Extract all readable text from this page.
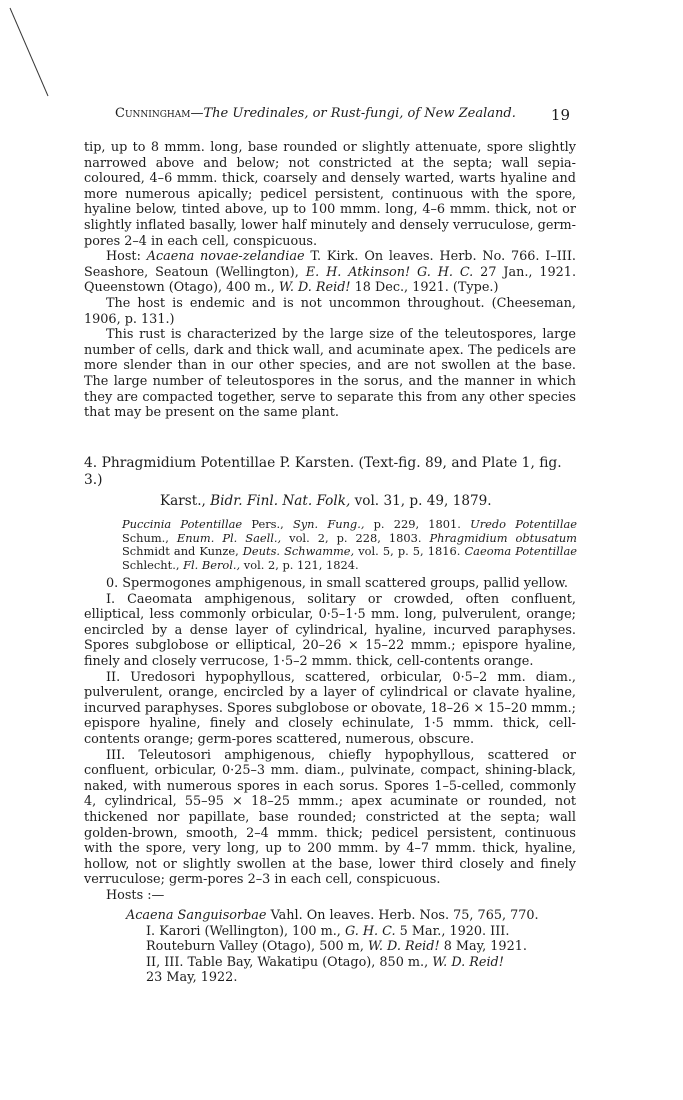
Cunningham—The Uredinales, or Rust-fungi, of New Zealand. 19

tip, up to 8 mmm. long, base rounded or slightly attenuate, spore slightly narrowed above and below; not constricted at the septa; wall sepia-coloured, 4–6 mmm. thick, coarsely and densely warted, warts hyaline and more numerous apically; pedicel persistent, continuous with the spore, hyaline below, tinted above, up to 100 mmm. long, 4–6 mmm. thick, not or slightly inflated basally, lower half minutely and densely verruculose, germ-pores 2–4 in each cell, conspicuous.

Host: Acaena novae-zelandiae T. Kirk. On leaves. Herb. No. 766. I–III. Seashore, Seatoun (Wellington), E. H. Atkinson! G. H. C. 27 Jan., 1921. Queenstown (Otago), 400 m., W. D. Reid! 18 Dec., 1921. (Type.)

The host is endemic and is not uncommon throughout. (Cheeseman, 1906, p. 131.)

This rust is characterized by the large size of the teleutospores, large number of cells, dark and thick wall, and acuminate apex. The pedicels are more slender than in our other species, and are not swollen at the base. The large number of teleutospores in the sorus, and the manner in which they are compacted together, serve to separate this from any other species that may be present on the same plant.

4. Phragmidium Potentillae P. Karsten. (Text-fig. 89, and Plate 1, fig. 3.)

Karst., Bidr. Finl. Nat. Folk, vol. 31, p. 49, 1879.
Puccinia Potentillae Pers., Syn. Fung., p. 229, 1801. Uredo Potentillae Schum., Enum. Pl. Saell., vol. 2, p. 228, 1803. Phragmidium obtusatum Schmidt and Kunze, Deuts. Schwamme, vol. 5, p. 5, 1816. Caeoma Potentillae Schlecht., Fl. Berol., vol. 2, p. 121, 1824.

0. Spermogones amphigenous, in small scattered groups, pallid yellow.

I. Caeomata amphigenous, solitary or crowded, often confluent, elliptical, less commonly orbicular, 0·5–1·5 mm. long, pulverulent, orange; encircled by a dense layer of cylindrical, hyaline, incurved paraphyses. Spores subglobose or elliptical, 20–26 × 15–22 mmm.; epispore hyaline, finely and closely verrucose, 1·5–2 mmm. thick, cell-contents orange.

II. Uredosori hypophyllous, scattered, orbicular, 0·5–2 mm. diam., pulverulent, orange, encircled by a layer of cylindrical or clavate hyaline, incurved paraphyses. Spores subglobose or obovate, 18–26 × 15–20 mmm.; epispore hyaline, finely and closely echinulate, 1·5 mmm. thick, cell-contents orange; germ-pores scattered, numerous, obscure.

III. Teleutosori amphigenous, chiefly hypophyllous, scattered or confluent, orbicular, 0·25–3 mm. diam., pulvinate, compact, shining-black, naked, with numerous spores in each sorus. Spores 1–5-celled, commonly 4, cylindrical, 55–95 × 18–25 mmm.; apex acuminate or rounded, not thickened nor papillate, base rounded; constricted at the septa; wall golden-brown, smooth, 2–4 mmm. thick; pedicel persistent, continuous with the spore, very long, up to 200 mmm. by 4–7 mmm. thick, hyaline, hollow, not or slightly swollen at the base, lower third closely and finely verruculose; germ-pores 2–3 in each cell, conspicuous.

Hosts :—

Acaena Sanguisorbae Vahl. On leaves. Herb. Nos. 75, 765, 770.

I. Karori (Wellington), 100 m., G. H. C. 5 Mar., 1920. III.

Routeburn Valley (Otago), 500 m, W. D. Reid! 8 May, 1921.

II, III. Table Bay, Wakatipu (Otago), 850 m., W. D. Reid!

23 May, 1922.
